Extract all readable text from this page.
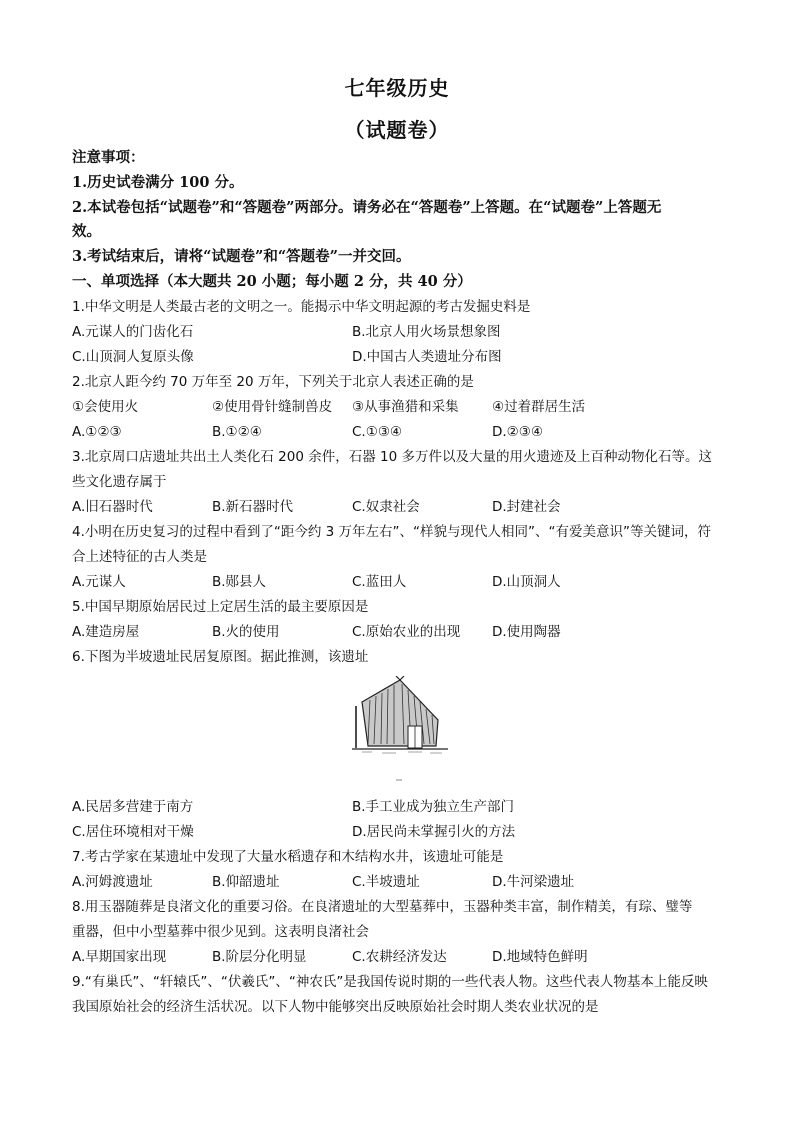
七年级历史
（试题卷）
注意事项：
1.历史试卷满分 100 分。
2.本试卷包括“试题卷”和“答题卷”两部分。请务必在“答题卷”上答题。在“试题卷”上答题无
效。
3.考试结束后，请将“试题卷”和“答题卷”一并交回。
一、单项选择（本大题共 20 小题；每小题 2 分，共 40 分）
1.中华文明是人类最古老的文明之一。能揭示中华文明起源的考古发掘史料是
A.元谋人的门齿化石	B.北京人用火场景想象图
C.山顶洞人复原头像	D.中国古人类遗址分布图
2.北京人距今约 70 万年至 20 万年，下列关于北京人表述正确的是
①会使用火	②使用骨针缝制兽皮 ③从事渔猎和采集 ④过着群居生活
A.①②③	B.①②④	C.①③④	D.②③④
3.北京周口店遗址共出土人类化石 200 余件，石器 10 多万件以及大量的用火遗迹及上百种动物化石等。这
些文化遗存属于
A.旧石器时代	B.新石器时代	C.奴隶社会	D.封建社会
4.小明在历史复习的过程中看到了“距今约 3 万年左右”、“样貌与现代人相同”、“有爱美意识”等关键词，符
合上述特征的古人类是
A.元谋人	B.郧县人	C.蓝田人	D.山顶洞人
5.中国早期原始居民过上定居生活的最主要原因是
A.建造房屋	B.火的使用	C.原始农业的出现 D.使用陶器
6.下图为半坡遗址民居复原图。据此推测，该遗址
A.民居多营建于南方	B.手工业成为独立生产部门
C.居住环境相对干燥	D.居民尚未掌握引火的方法
7.考古学家在某遗址中发现了大量水稻遗存和木结构水井，该遗址可能是
A.河姆渡遗址	B.仰韶遗址	C.半坡遗址	D.牛河梁遗址
8.用玉器随葬是良渚文化的重要习俗。在良渚遗址的大型墓葬中，玉器种类丰富，制作精美，有琮、璧等
重器，但中小型墓葬中很少见到。这表明良渚社会
A.早期国家出现	B.阶层分化明显	C.农耕经济发达	D.地域特色鲜明
9.“有巢氏”、“轩辕氏”、“伏羲氏”、“神农氏”是我国传说时期的一些代表人物。这些代表人物基本上能反映
我国原始社会的经济生活状况。以下人物中能够突出反映原始社会时期人类农业状况的是
